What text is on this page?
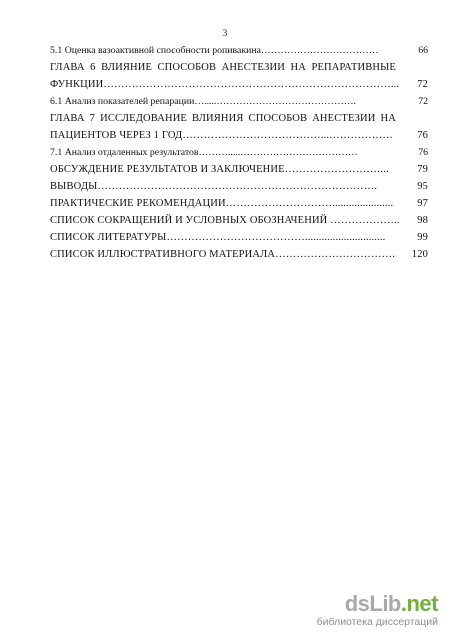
3
5.1 Оценка вазоактивной способности ропивакина………………………………	66
ГЛАВА 6 ВЛИЯНИЕ СПОСОБОВ АНЕСТЕЗИИ НА РЕПАРАТИВНЫЕ
ФУНКЦИИ………………………………………………………………………...	72
6.1 Анализ показателей репарации….....…………………………………….	72
ГЛАВА 7 ИССЛЕДОВАНИЕ ВЛИЯНИЯ СПОСОБОВ АНЕСТЕЗИИ НА
ПАЦИЕНТОВ ЧЕРЕЗ 1 ГОД…………………………………...………………	76
7.1 Анализ отдаленных результатов……….....………………………………	76
ОБСУЖДЕНИЕ РЕЗУЛЬТАТОВ И ЗАКЛЮЧЕНИЕ………………………...	79
ВЫВОДЫ…………………………………………………………………….	95
ПРАКТИЧЕСКИЕ РЕКОМЕНДАЦИИ…………………………......................	97
СПИСОК СОКРАЩЕНИЙ И УСЛОВНЫХ ОБОЗНАЧЕНИЙ ………………..	98
СПИСОК ЛИТЕРАТУРЫ………………………………….............................	99
СПИСОК ИЛЛЮСТРАТИВНОГО МАТЕРИАЛА…………………………….	120
dsLib.net
библиотека диссертаций
